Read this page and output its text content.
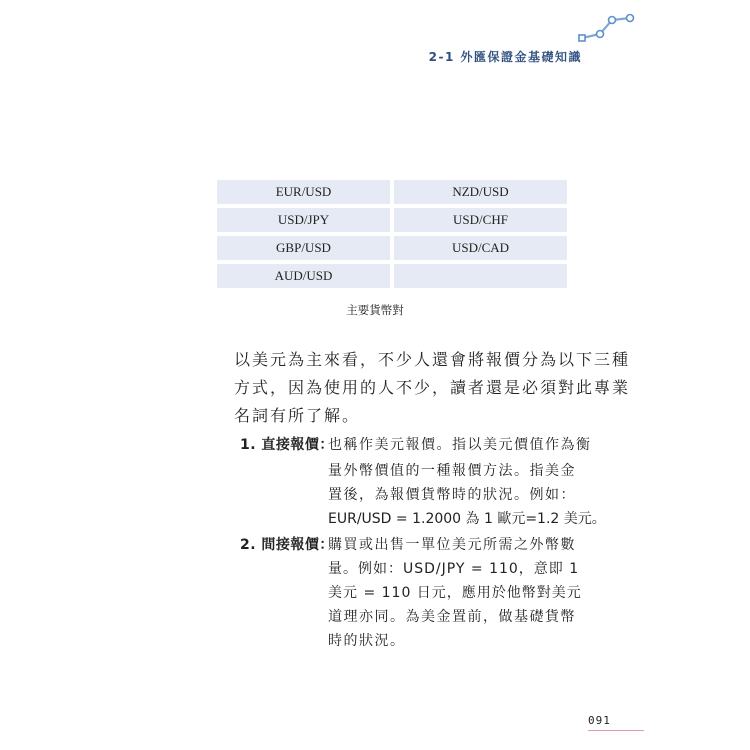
2-1 外匯保證金基礎知識
EUR/USD	NZD/USD
USD/JPY	USD/CHF
GBP/USD	USD/CAD
AUD/USD
主要貨幣對
以美元為主來看，不少人還會將報價分為以下三種
方式，因為使用的人不少，讀者還是必須對此專業
名詞有所了解。
1. 直接報價：
也稱作美元報價。指以美元價值作為衡
量外幣價值的一種報價方法。指美金
置後，為報價貨幣時的狀況。例如：
EUR/USD = 1.2000 為 1 歐元=1.2 美元。
2. 間接報價：
購買或出售一單位美元所需之外幣數
量。例如：USD/JPY = 110，意即 1
美元 = 110 日元，應用於他幣對美元
道理亦同。為美金置前，做基礎貨幣
時的狀況。
091
